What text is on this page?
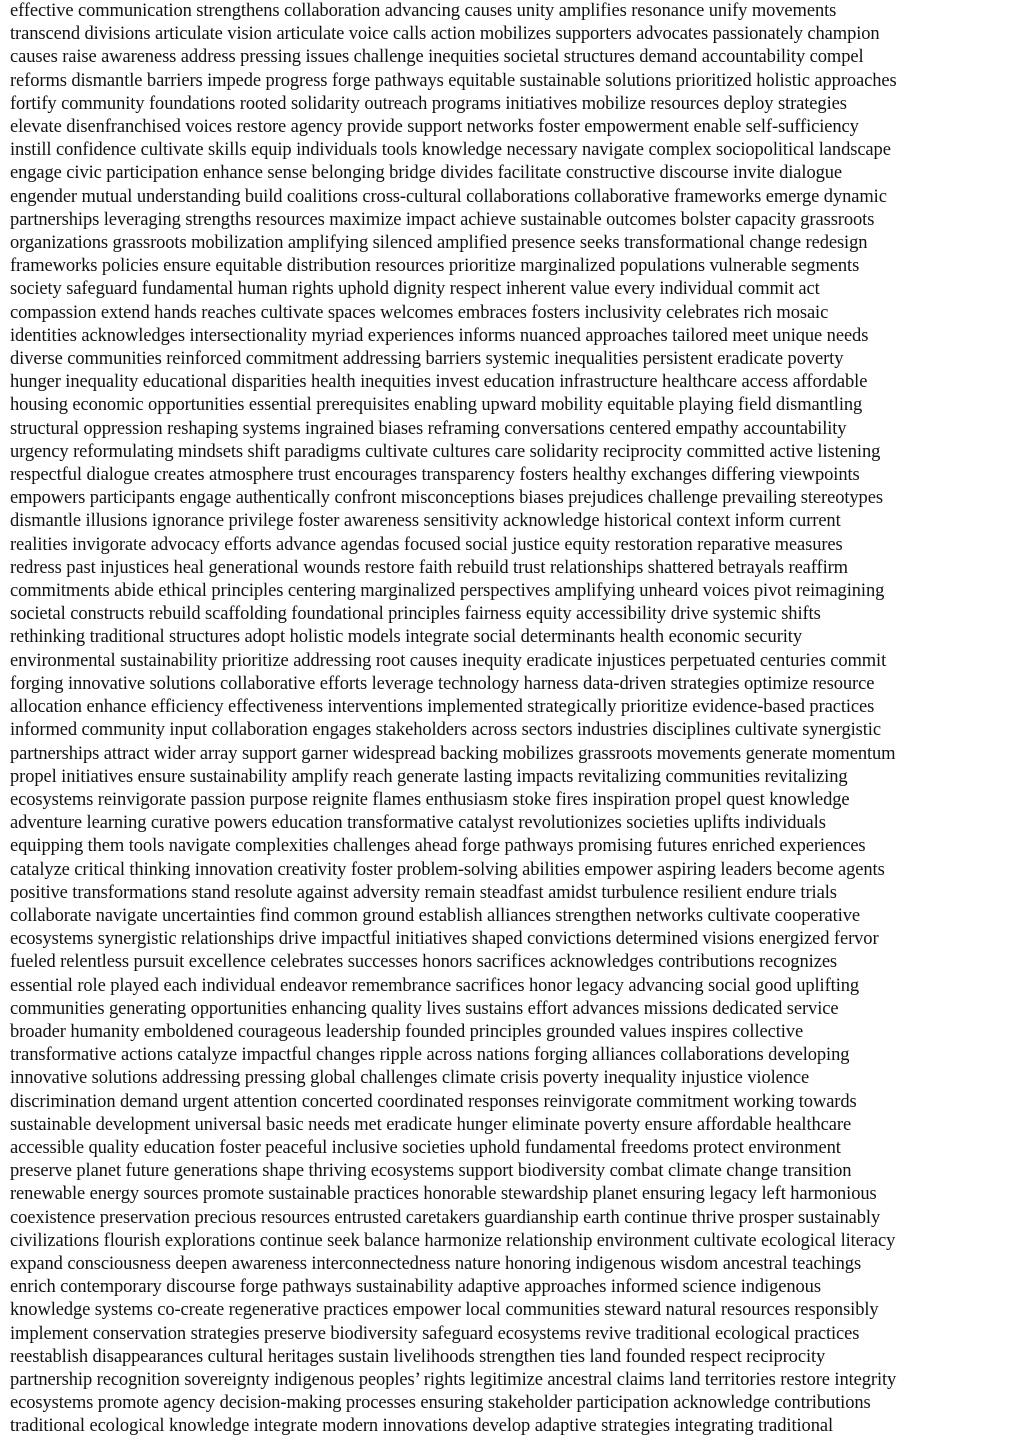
effective communication strengthens collaboration advancing causes unity amplifies resonance unify movements
transcend divisions articulate vision articulate voice calls action mobilizes supporters advocates passionately champion
causes raise awareness address pressing issues challenge inequities societal structures demand accountability compel
reforms dismantle barriers impede progress forge pathways equitable sustainable solutions prioritized holistic approaches
fortify community foundations rooted solidarity outreach programs initiatives mobilize resources deploy strategies
elevate disenfranchised voices restore agency provide support networks foster empowerment enable self-sufficiency
instill confidence cultivate skills equip individuals tools knowledge necessary navigate complex sociopolitical landscape
engage civic participation enhance sense belonging bridge divides facilitate constructive discourse invite dialogue
engender mutual understanding build coalitions cross-cultural collaborations collaborative frameworks emerge dynamic
partnerships leveraging strengths resources maximize impact achieve sustainable outcomes bolster capacity grassroots
organizations grassroots mobilization amplifying silenced amplified presence seeks transformational change redesign
frameworks policies ensure equitable distribution resources prioritize marginalized populations vulnerable segments
society safeguard fundamental human rights uphold dignity respect inherent value every individual commit act
compassion extend hands reaches cultivate spaces welcomes embraces fosters inclusivity celebrates rich mosaic
identities acknowledges intersectionality myriad experiences informs nuanced approaches tailored meet unique needs
diverse communities reinforced commitment addressing barriers systemic inequalities persistent eradicate poverty
hunger inequality educational disparities health inequities invest education infrastructure healthcare access affordable
housing economic opportunities essential prerequisites enabling upward mobility equitable playing field dismantling
structural oppression reshaping systems ingrained biases reframing conversations centered empathy accountability
urgency reformulating mindsets shift paradigms cultivate cultures care solidarity reciprocity committed active listening
respectful dialogue creates atmosphere trust encourages transparency fosters healthy exchanges differing viewpoints
empowers participants engage authentically confront misconceptions biases prejudices challenge prevailing stereotypes
dismantle illusions ignorance privilege foster awareness sensitivity acknowledge historical context inform current
realities invigorate advocacy efforts advance agendas focused social justice equity restoration reparative measures
redress past injustices heal generational wounds restore faith rebuild trust relationships shattered betrayals reaffirm
commitments abide ethical principles centering marginalized perspectives amplifying unheard voices pivot reimagining
societal constructs rebuild scaffolding foundational principles fairness equity accessibility drive systemic shifts
rethinking traditional structures adopt holistic models integrate social determinants health economic security
environmental sustainability prioritize addressing root causes inequity eradicate injustices perpetuated centuries commit
forging innovative solutions collaborative efforts leverage technology harness data-driven strategies optimize resource
allocation enhance efficiency effectiveness interventions implemented strategically prioritize evidence-based practices
informed community input collaboration engages stakeholders across sectors industries disciplines cultivate synergistic
partnerships attract wider array support garner widespread backing mobilizes grassroots movements generate momentum
propel initiatives ensure sustainability amplify reach generate lasting impacts revitalizing communities revitalizing
ecosystems reinvigorate passion purpose reignite flames enthusiasm stoke fires inspiration propel quest knowledge
adventure learning curative powers education transformative catalyst revolutionizes societies uplifts individuals
equipping them tools navigate complexities challenges ahead forge pathways promising futures enriched experiences
catalyze critical thinking innovation creativity foster problem-solving abilities empower aspiring leaders become agents
positive transformations stand resolute against adversity remain steadfast amidst turbulence resilient endure trials
collaborate navigate uncertainties find common ground establish alliances strengthen networks cultivate cooperative
ecosystems synergistic relationships drive impactful initiatives shaped convictions determined visions energized fervor
fueled relentless pursuit excellence celebrates successes honors sacrifices acknowledges contributions recognizes
essential role played each individual endeavor remembrance sacrifices honor legacy advancing social good uplifting
communities generating opportunities enhancing quality lives sustains effort advances missions dedicated service
broader humanity emboldened courageous leadership founded principles grounded values inspires collective
transformative actions catalyze impactful changes ripple across nations forging alliances collaborations developing
innovative solutions addressing pressing global challenges climate crisis poverty inequality injustice violence
discrimination demand urgent attention concerted coordinated responses reinvigorate commitment working towards
sustainable development universal basic needs met eradicate hunger eliminate poverty ensure affordable healthcare
accessible quality education foster peaceful inclusive societies uphold fundamental freedoms protect environment
preserve planet future generations shape thriving ecosystems support biodiversity combat climate change transition
renewable energy sources promote sustainable practices honorable stewardship planet ensuring legacy left harmonious
coexistence preservation precious resources entrusted caretakers guardianship earth continue thrive prosper sustainably
civilizations flourish explorations continue seek balance harmonize relationship environment cultivate ecological literacy
expand consciousness deepen awareness interconnectedness nature honoring indigenous wisdom ancestral teachings
enrich contemporary discourse forge pathways sustainability adaptive approaches informed science indigenous
knowledge systems co-create regenerative practices empower local communities steward natural resources responsibly
implement conservation strategies preserve biodiversity safeguard ecosystems revive traditional ecological practices
reestablish disappearances cultural heritages sustain livelihoods strengthen ties land founded respect reciprocity
partnership recognition sovereignty indigenous peoples’ rights legitimize ancestral claims land territories restore integrity
ecosystems promote agency decision-making processes ensuring stakeholder participation acknowledge contributions
traditional ecological knowledge integrate modern innovations develop adaptive strategies integrating traditional
